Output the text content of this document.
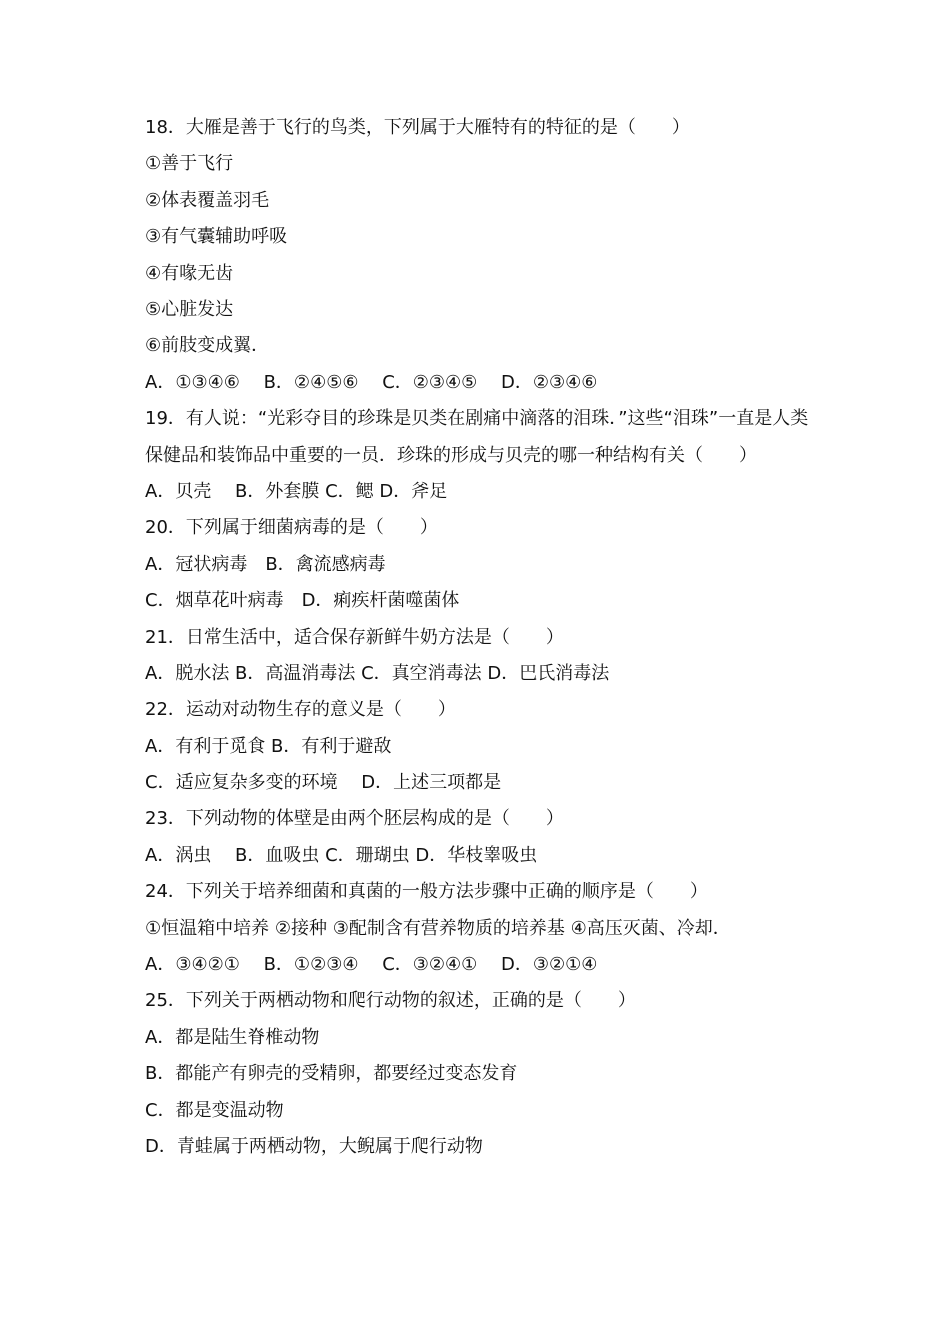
18．大雁是善于飞行的鸟类，下列属于大雁特有的特征的是（　　）
①善于飞行
②体表覆盖羽毛
③有气囊辅助呼吸
④有喙无齿
⑤心脏发达
⑥前肢变成翼．
A．①③④⑥　 B．②④⑤⑥　 C．②③④⑤　 D．②③④⑥
19．有人说：“光彩夺目的珍珠是贝类在剧痛中滴落的泪珠．”这些“泪珠”一直是人类保健品和装饰品中重要的一员．珍珠的形成与贝壳的哪一种结构有关（　　）
A．贝壳　 B．外套膜 C．鳃 D．斧足
20．下列属于细菌病毒的是（　　）
A．冠状病毒　B．禽流感病毒
C．烟草花叶病毒　D．痢疾杆菌噬菌体
21．日常生活中，适合保存新鲜牛奶方法是（　　）
A．脱水法 B．高温消毒法 C．真空消毒法 D．巴氏消毒法
22．运动对动物生存的意义是（　　）
A．有利于觅食 B．有利于避敌
C．适应复杂多变的环境　 D．上述三项都是
23．下列动物的体壁是由两个胚层构成的是（　　）
A．涡虫　 B．血吸虫 C．珊瑚虫 D．华枝睾吸虫
24．下列关于培养细菌和真菌的一般方法步骤中正确的顺序是（　　）
①恒温箱中培养 ②接种 ③配制含有营养物质的培养基 ④高压灭菌、冷却．
A．③④②①　 B．①②③④　 C．③②④①　 D．③②①④
25．下列关于两栖动物和爬行动物的叙述，正确的是（　　）
A．都是陆生脊椎动物
B．都能产有卵壳的受精卵，都要经过变态发育
C．都是变温动物
D．青蛙属于两栖动物，大鲵属于爬行动物
